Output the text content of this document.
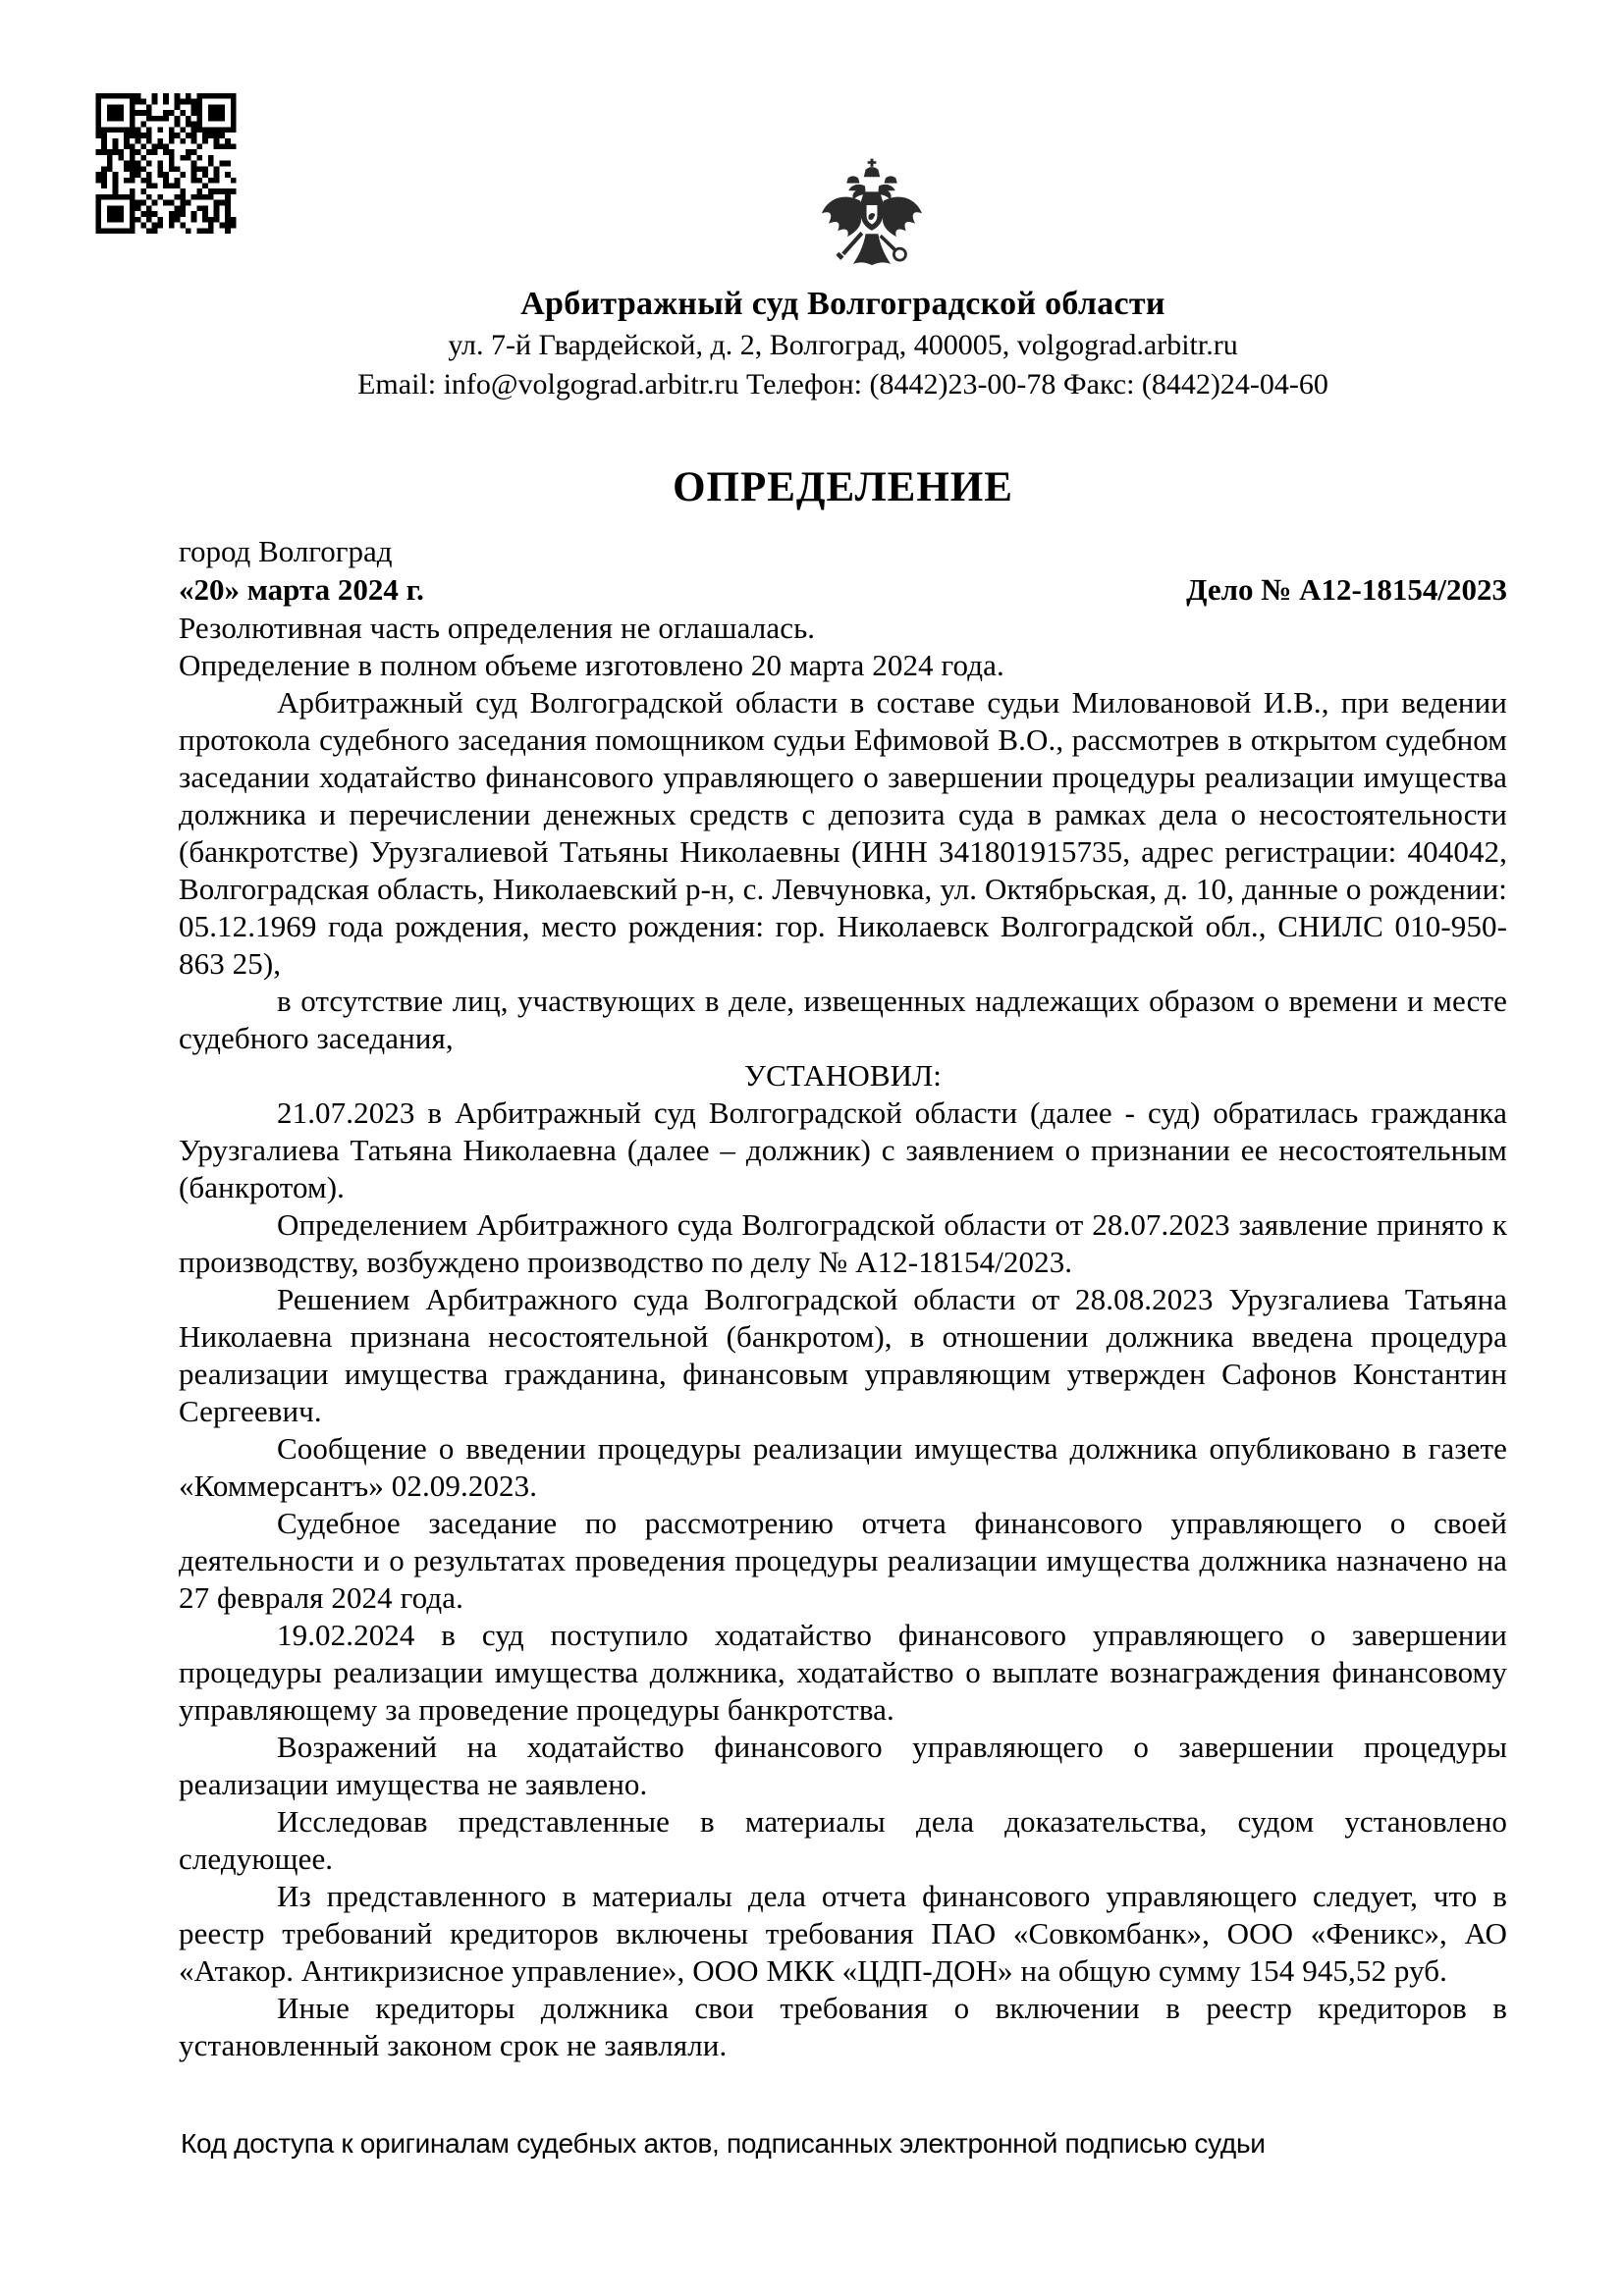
Арбитражный суд Волгоградской области
ул. 7-й Гвардейской, д. 2, Волгоград, 400005, volgograd.arbitr.ru
Email: info@volgograd.arbitr.ru Телефон: (8442)23-00-78 Факс: (8442)24-04-60
ОПРЕДЕЛЕНИЕ
город Волгоград
«20» марта 2024 г.	Дело № А12-18154/2023

Резолютивная часть определения не оглашалась.

Определение в полном объеме изготовлено 20 марта 2024 года.

Арбитражный суд Волгоградской области в составе судьи Миловановой И.В., при ведении протокола судебного заседания помощником судьи Ефимовой В.О., рассмотрев в открытом судебном заседании ходатайство финансового управляющего о завершении процедуры реализации имущества должника и перечислении денежных средств с депозита суда в рамках дела о несостоятельности (банкротстве) Урузгалиевой Татьяны Николаевны (ИНН 341801915735, адрес регистрации: 404042, Волгоградская область, Николаевский р-н, с. Левчуновка, ул. Октябрьская, д. 10, данные о рождении: 05.12.1969 года рождения, место рождения: гор. Николаевск Волгоградской обл., СНИЛС 010-950-863 25),

в отсутствие лиц, участвующих в деле, извещенных надлежащих образом о времени и месте судебного заседания,

УСТАНОВИЛ:

21.07.2023 в Арбитражный суд Волгоградской области (далее - суд) обратилась гражданка Урузгалиева Татьяна Николаевна (далее – должник) с заявлением о признании ее несостоятельным (банкротом).

Определением Арбитражного суда Волгоградской области от 28.07.2023 заявление принято к производству, возбуждено производство по делу № А12-18154/2023.

Решением Арбитражного суда Волгоградской области от 28.08.2023 Урузгалиева Татьяна Николаевна признана несостоятельной (банкротом), в отношении должника введена процедура реализации имущества гражданина, финансовым управляющим утвержден Сафонов Константин Сергеевич.

Сообщение о введении процедуры реализации имущества должника опубликовано в газете «Коммерсантъ» 02.09.2023.

Судебное заседание по рассмотрению отчета финансового управляющего о своей деятельности и о результатах проведения процедуры реализации имущества должника назначено на 27 февраля 2024 года.

19.02.2024 в суд поступило ходатайство финансового управляющего о завершении процедуры реализации имущества должника, ходатайство о выплате вознаграждения финансовому управляющему за проведение процедуры банкротства.

Возражений на ходатайство финансового управляющего о завершении процедуры реализации имущества не заявлено.

Исследовав представленные в материалы дела доказательства, судом установлено следующее.

Из представленного в материалы дела отчета финансового управляющего следует, что в реестр требований кредиторов включены требования ПАО «Совкомбанк», ООО «Феникс», АО «Атакор. Антикризисное управление», ООО МКК «ЦДП-ДОН» на общую сумму 154 945,52 руб.

Иные кредиторы должника свои требования о включении в реестр кредиторов в установленный законом срок не заявляли.

Код доступа к оригиналам судебных актов, подписанных электронной подписью судьи
